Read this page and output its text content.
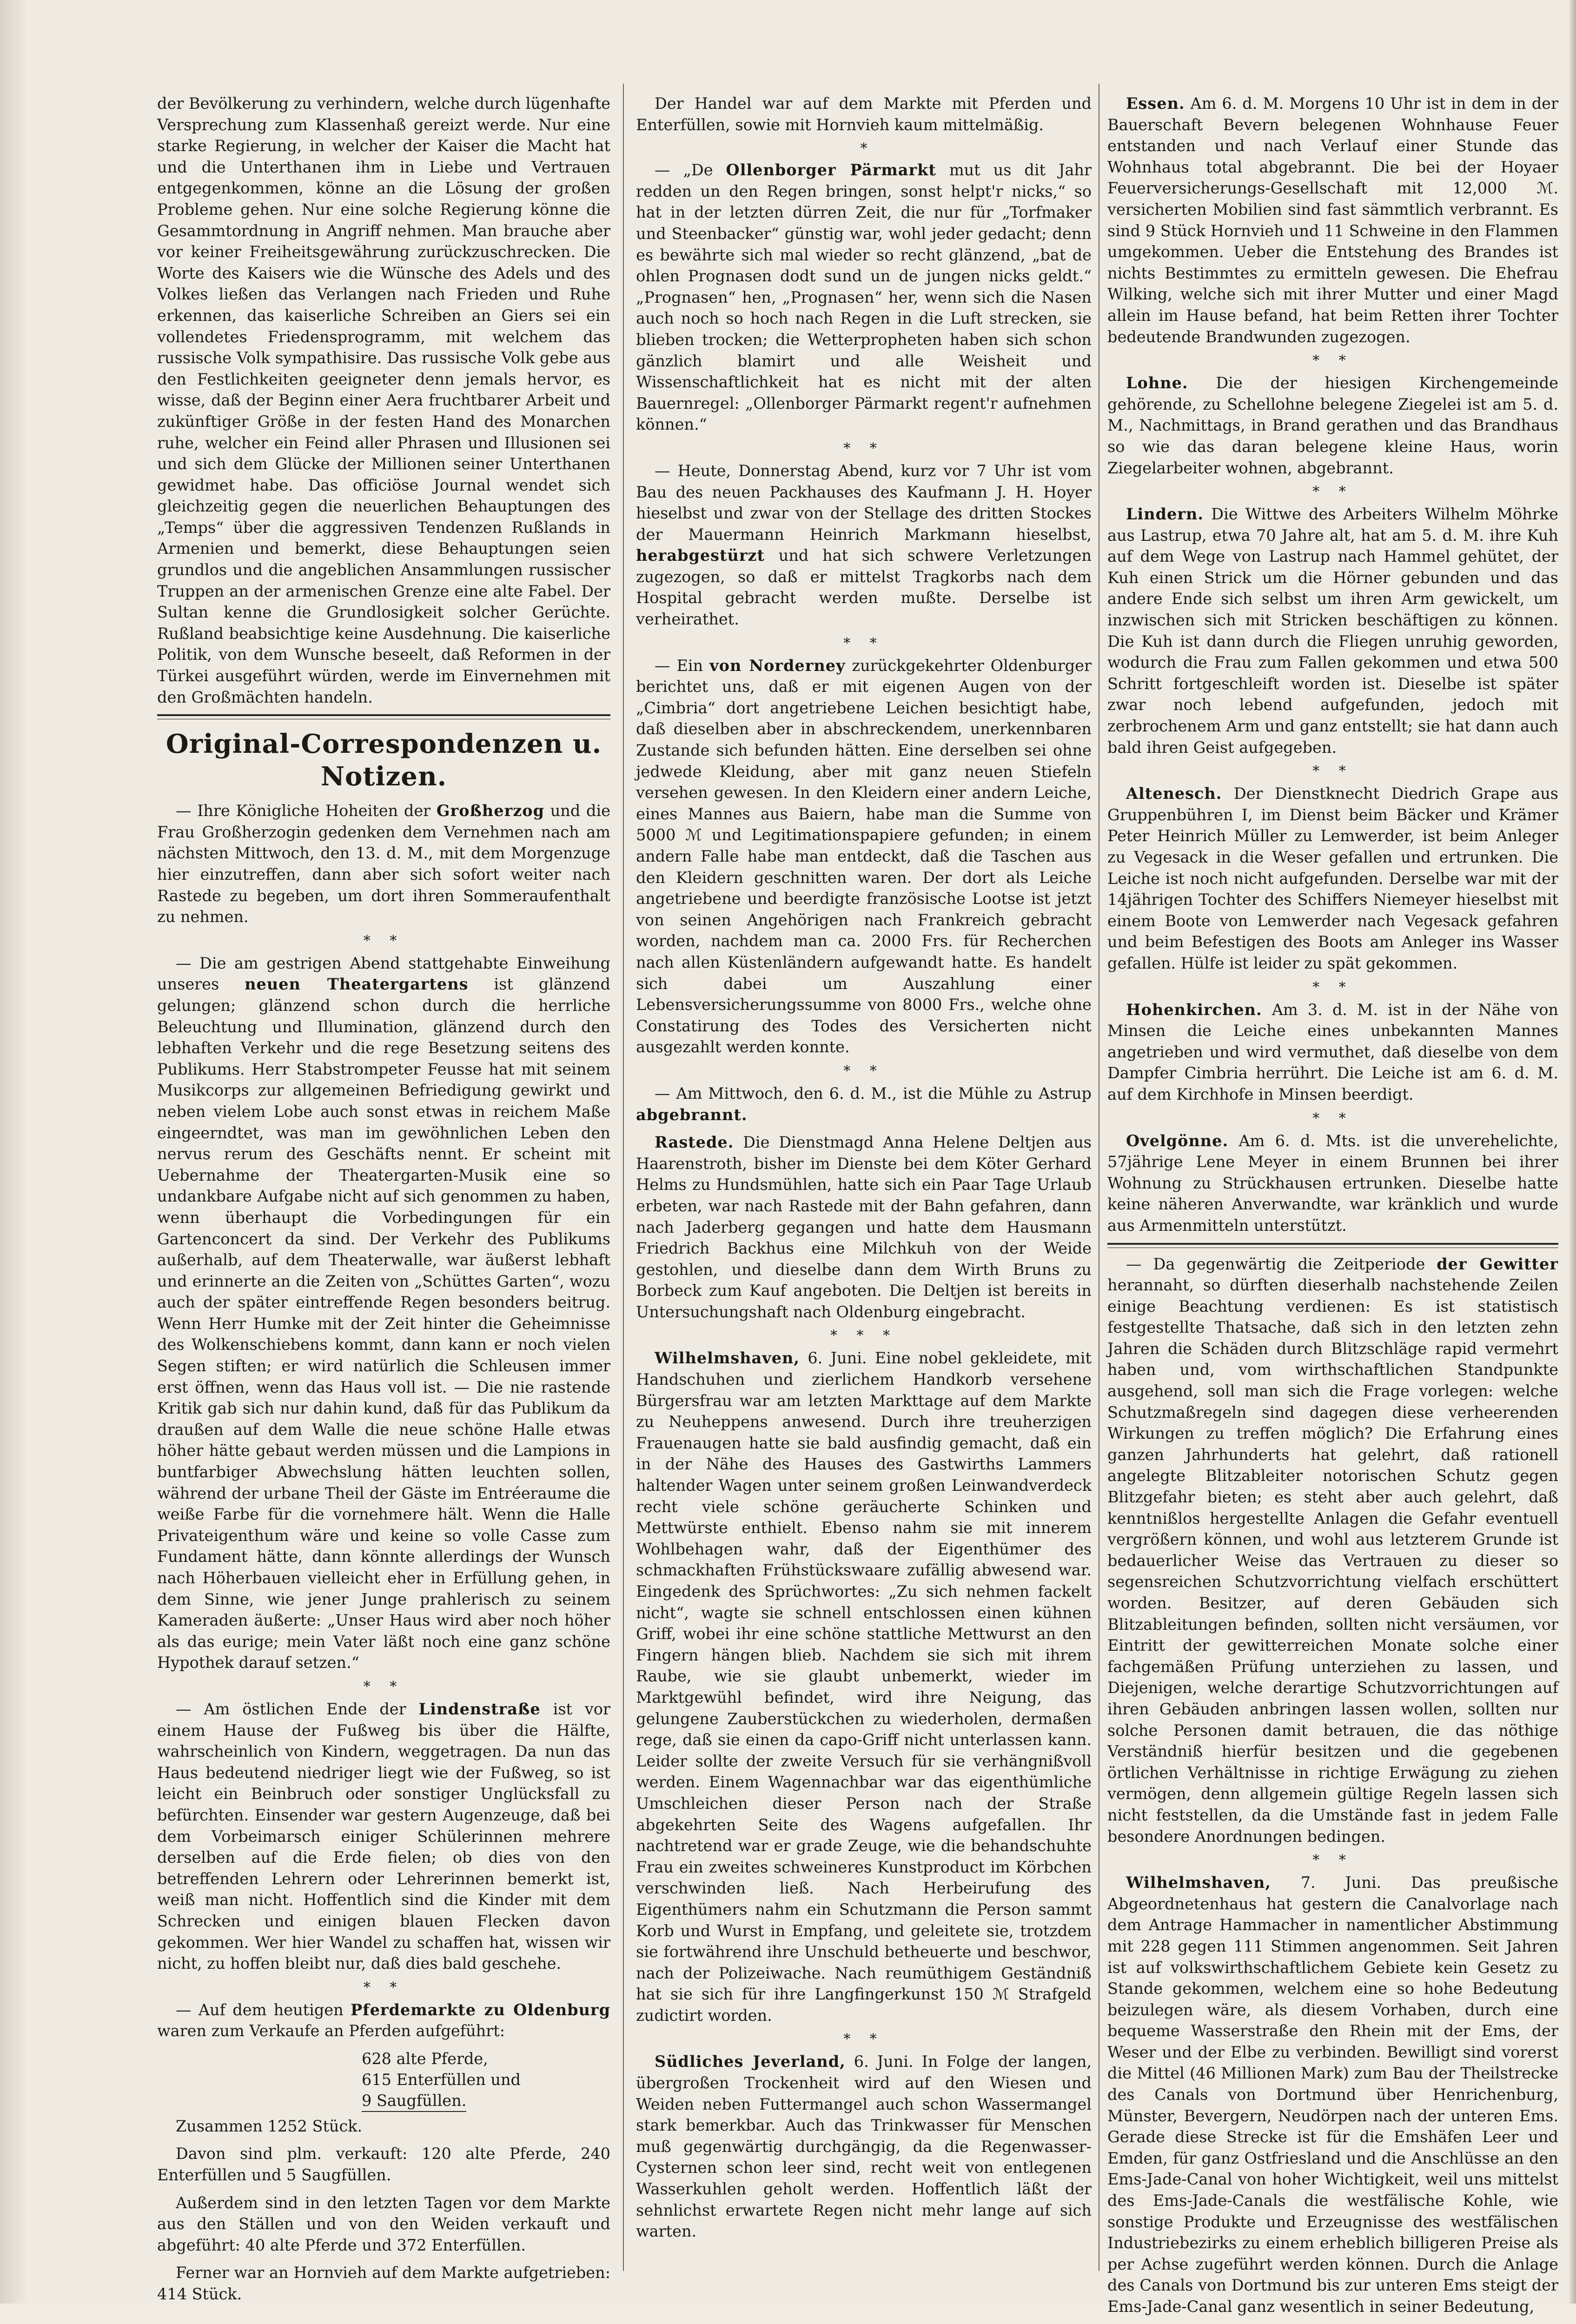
der Bevölkerung zu verhindern, welche durch lügenhafte Versprechung zum Klassenhaß gereizt werde. Nur eine starke Regierung, in welcher der Kaiser die Macht hat und die Unterthanen ihm in Liebe und Vertrauen entgegenkommen, könne an die Lösung der großen Probleme gehen. Nur eine solche Regierung könne die Gesammtordnung in Angriff nehmen. Man brauche aber vor keiner Freiheitsgewährung zurückzuschrecken. Die Worte des Kaisers wie die Wünsche des Adels und des Volkes ließen das Verlangen nach Frieden und Ruhe erkennen, das kaiserliche Schreiben an Giers sei ein vollendetes Friedensprogramm, mit welchem das russische Volk sympathisire. Das russische Volk gebe aus den Festlichkeiten geeigneter denn jemals hervor, es wisse, daß der Beginn einer Aera fruchtbarer Arbeit und zukünftiger Größe in der festen Hand des Monarchen ruhe, welcher ein Feind aller Phrasen und Illusionen sei und sich dem Glücke der Millionen seiner Unterthanen gewidmet habe. Das officiöse Journal wendet sich gleichzeitig gegen die neuerlichen Behauptungen des „Temps“ über die aggressiven Tendenzen Rußlands in Armenien und bemerkt, diese Behauptungen seien grundlos und die angeblichen Ansammlungen russischer Truppen an der armenischen Grenze eine alte Fabel. Der Sultan kenne die Grundlosigkeit solcher Gerüchte. Rußland beabsichtige keine Ausdehnung. Die kaiserliche Politik, von dem Wunsche beseelt, daß Reformen in der Türkei ausgeführt würden, werde im Einvernehmen mit den Großmächten handeln.

Original-Correspondenzen u. Notizen.

— Ihre Königliche Hoheiten der Großherzog und die Frau Großherzogin gedenken dem Vernehmen nach am nächsten Mittwoch, den 13. d. M., mit dem Morgenzuge hier einzutreffen, dann aber sich sofort weiter nach Rastede zu begeben, um dort ihren Sommeraufenthalt zu nehmen.

* *

— Die am gestrigen Abend stattgehabte Einweihung unseres neuen Theatergartens ist glänzend gelungen; glänzend schon durch die herrliche Beleuchtung und Illumination, glänzend durch den lebhaften Verkehr und die rege Besetzung seitens des Publikums. Herr Stabstrompeter Feusse hat mit seinem Musikcorps zur allgemeinen Befriedigung gewirkt und neben vielem Lobe auch sonst etwas in reichem Maße eingeerndtet, was man im gewöhnlichen Leben den nervus rerum des Geschäfts nennt. Er scheint mit Uebernahme der Theatergarten-Musik eine so undankbare Aufgabe nicht auf sich genommen zu haben, wenn überhaupt die Vorbedingungen für ein Gartenconcert da sind. Der Verkehr des Publikums außerhalb, auf dem Theaterwalle, war äußerst lebhaft und erinnerte an die Zeiten von „Schüttes Garten“, wozu auch der später eintreffende Regen besonders beitrug. Wenn Herr Humke mit der Zeit hinter die Geheimnisse des Wolkenschiebens kommt, dann kann er noch vielen Segen stiften; er wird natürlich die Schleusen immer erst öffnen, wenn das Haus voll ist. — Die nie rastende Kritik gab sich nur dahin kund, daß für das Publikum da draußen auf dem Walle die neue schöne Halle etwas höher hätte gebaut werden müssen und die Lampions in buntfarbiger Abwechslung hätten leuchten sollen, während der urbane Theil der Gäste im Entréeraume die weiße Farbe für die vornehmere hält. Wenn die Halle Privateigenthum wäre und keine so volle Casse zum Fundament hätte, dann könnte allerdings der Wunsch nach Höherbauen vielleicht eher in Erfüllung gehen, in dem Sinne, wie jener Junge prahlerisch zu seinem Kameraden äußerte: „Unser Haus wird aber noch höher als das eurige; mein Vater läßt noch eine ganz schöne Hypothek darauf setzen.“

* *

— Am östlichen Ende der Lindenstraße ist vor einem Hause der Fußweg bis über die Hälfte, wahrscheinlich von Kindern, weggetragen. Da nun das Haus bedeutend niedriger liegt wie der Fußweg, so ist leicht ein Beinbruch oder sonstiger Unglücksfall zu befürchten. Einsender war gestern Augenzeuge, daß bei dem Vorbeimarsch einiger Schülerinnen mehrere derselben auf die Erde fielen; ob dies von den betreffenden Lehrern oder Lehrerinnen bemerkt ist, weiß man nicht. Hoffentlich sind die Kinder mit dem Schrecken und einigen blauen Flecken davon gekommen. Wer hier Wandel zu schaffen hat, wissen wir nicht, zu hoffen bleibt nur, daß dies bald geschehe.

* *

— Auf dem heutigen Pferdemarkte zu Oldenburg waren zum Verkaufe an Pferden aufgeführt:

628 alte Pferde,
615 Enterfüllen und
9 Saugfüllen.

Zusammen 1252 Stück.

Davon sind plm. verkauft: 120 alte Pferde, 240 Enterfüllen und 5 Saugfüllen.

Außerdem sind in den letzten Tagen vor dem Markte aus den Ställen und von den Weiden verkauft und abgeführt: 40 alte Pferde und 372 Enterfüllen.

Ferner war an Hornvieh auf dem Markte aufgetrieben: 414 Stück.

Der Handel war auf dem Markte mit Pferden und Enterfüllen, sowie mit Hornvieh kaum mittelmäßig.

*

— „De Ollenborger Pärmarkt mut us dit Jahr redden un den Regen bringen, sonst helpt'r nicks,“ so hat in der letzten dürren Zeit, die nur für „Torfmaker und Steenbacker“ günstig war, wohl jeder gedacht; denn es bewährte sich mal wieder so recht glänzend, „bat de ohlen Prognasen dodt sund un de jungen nicks geldt.“ „Prognasen“ hen, „Prognasen“ her, wenn sich die Nasen auch noch so hoch nach Regen in die Luft strecken, sie blieben trocken; die Wetterpropheten haben sich schon gänzlich blamirt und alle Weisheit und Wissenschaftlichkeit hat es nicht mit der alten Bauernregel: „Ollenborger Pärmarkt regent'r aufnehmen können.“

* *

— Heute, Donnerstag Abend, kurz vor 7 Uhr ist vom Bau des neuen Packhauses des Kaufmann J. H. Hoyer hieselbst und zwar von der Stellage des dritten Stockes der Mauermann Heinrich Markmann hieselbst, herabgestürzt und hat sich schwere Verletzungen zugezogen, so daß er mittelst Tragkorbs nach dem Hospital gebracht werden mußte. Derselbe ist verheirathet.

* *

— Ein von Norderney zurückgekehrter Oldenburger berichtet uns, daß er mit eigenen Augen von der „Cimbria“ dort angetriebene Leichen besichtigt habe, daß dieselben aber in abschreckendem, unerkennbaren Zustande sich befunden hätten. Eine derselben sei ohne jedwede Kleidung, aber mit ganz neuen Stiefeln versehen gewesen. In den Kleidern einer andern Leiche, eines Mannes aus Baiern, habe man die Summe von 5000 ℳ und Legitimationspapiere gefunden; in einem andern Falle habe man entdeckt, daß die Taschen aus den Kleidern geschnitten waren. Der dort als Leiche angetriebene und beerdigte französische Lootse ist jetzt von seinen Angehörigen nach Frankreich gebracht worden, nachdem man ca. 2000 Frs. für Recherchen nach allen Küstenländern aufgewandt hatte. Es handelt sich dabei um Auszahlung einer Lebensversicherungssumme von 8000 Frs., welche ohne Constatirung des Todes des Versicherten nicht ausgezahlt werden konnte.

* *

— Am Mittwoch, den 6. d. M., ist die Mühle zu Astrup abgebrannt.

Rastede. Die Dienstmagd Anna Helene Deltjen aus Haarenstroth, bisher im Dienste bei dem Köter Gerhard Helms zu Hundsmühlen, hatte sich ein Paar Tage Urlaub erbeten, war nach Rastede mit der Bahn gefahren, dann nach Jaderberg gegangen und hatte dem Hausmann Friedrich Backhus eine Milchkuh von der Weide gestohlen, und dieselbe dann dem Wirth Bruns zu Borbeck zum Kauf angeboten. Die Deltjen ist bereits in Untersuchungshaft nach Oldenburg eingebracht.

* * *

Wilhelmshaven, 6. Juni. Eine nobel gekleidete, mit Handschuhen und zierlichem Handkorb versehene Bürgersfrau war am letzten Markttage auf dem Markte zu Neuheppens anwesend. Durch ihre treuherzigen Frauenaugen hatte sie bald ausfindig gemacht, daß ein in der Nähe des Hauses des Gastwirths Lammers haltender Wagen unter seinem großen Leinwandverdeck recht viele schöne geräucherte Schinken und Mettwürste enthielt. Ebenso nahm sie mit innerem Wohlbehagen wahr, daß der Eigenthümer des schmackhaften Frühstückswaare zufällig abwesend war. Eingedenk des Sprüchwortes: „Zu sich nehmen fackelt nicht“, wagte sie schnell entschlossen einen kühnen Griff, wobei ihr eine schöne stattliche Mettwurst an den Fingern hängen blieb. Nachdem sie sich mit ihrem Raube, wie sie glaubt unbemerkt, wieder im Marktgewühl befindet, wird ihre Neigung, das gelungene Zauberstückchen zu wiederholen, dermaßen rege, daß sie einen da capo-Griff nicht unterlassen kann. Leider sollte der zweite Versuch für sie verhängnißvoll werden. Einem Wagennachbar war das eigenthümliche Umschleichen dieser Person nach der Straße abgekehrten Seite des Wagens aufgefallen. Ihr nachtretend war er grade Zeuge, wie die behandschuhte Frau ein zweites schweineres Kunstproduct im Körbchen verschwinden ließ. Nach Herbeirufung des Eigenthümers nahm ein Schutzmann die Person sammt Korb und Wurst in Empfang, und geleitete sie, trotzdem sie fortwährend ihre Unschuld betheuerte und beschwor, nach der Polizeiwache. Nach reumüthigem Geständniß hat sie sich für ihre Langfingerkunst 150 ℳ Strafgeld zudictirt worden.

* *

Südliches Jeverland, 6. Juni. In Folge der langen, übergroßen Trockenheit wird auf den Wiesen und Weiden neben Futtermangel auch schon Wassermangel stark bemerkbar. Auch das Trinkwasser für Menschen muß gegenwärtig durchgängig, da die Regenwasser-Cysternen schon leer sind, recht weit von entlegenen Wasserkuhlen geholt werden. Hoffentlich läßt der sehnlichst erwartete Regen nicht mehr lange auf sich warten.

Essen. Am 6. d. M. Morgens 10 Uhr ist in dem in der Bauerschaft Bevern belegenen Wohnhause Feuer entstanden und nach Verlauf einer Stunde das Wohnhaus total abgebrannt. Die bei der Hoyaer Feuerversicherungs-Gesellschaft mit 12,000 ℳ. versicherten Mobilien sind fast sämmtlich verbrannt. Es sind 9 Stück Hornvieh und 11 Schweine in den Flammen umgekommen. Ueber die Entstehung des Brandes ist nichts Bestimmtes zu ermitteln gewesen. Die Ehefrau Wilking, welche sich mit ihrer Mutter und einer Magd allein im Hause befand, hat beim Retten ihrer Tochter bedeutende Brandwunden zugezogen.

* *

Lohne. Die der hiesigen Kirchengemeinde gehörende, zu Schellohne belegene Ziegelei ist am 5. d. M., Nachmittags, in Brand gerathen und das Brandhaus so wie das daran belegene kleine Haus, worin Ziegelarbeiter wohnen, abgebrannt.

* *

Lindern. Die Wittwe des Arbeiters Wilhelm Möhrke aus Lastrup, etwa 70 Jahre alt, hat am 5. d. M. ihre Kuh auf dem Wege von Lastrup nach Hammel gehütet, der Kuh einen Strick um die Hörner gebunden und das andere Ende sich selbst um ihren Arm gewickelt, um inzwischen sich mit Stricken beschäftigen zu können. Die Kuh ist dann durch die Fliegen unruhig geworden, wodurch die Frau zum Fallen gekommen und etwa 500 Schritt fortgeschleift worden ist. Dieselbe ist später zwar noch lebend aufgefunden, jedoch mit zerbrochenem Arm und ganz entstellt; sie hat dann auch bald ihren Geist aufgegeben.

* *

Altenesch. Der Dienstknecht Diedrich Grape aus Gruppenbühren I, im Dienst beim Bäcker und Krämer Peter Heinrich Müller zu Lemwerder, ist beim Anleger zu Vegesack in die Weser gefallen und ertrunken. Die Leiche ist noch nicht aufgefunden. Derselbe war mit der 14jährigen Tochter des Schiffers Niemeyer hieselbst mit einem Boote von Lemwerder nach Vegesack gefahren und beim Befestigen des Boots am Anleger ins Wasser gefallen. Hülfe ist leider zu spät gekommen.

* *

Hohenkirchen. Am 3. d. M. ist in der Nähe von Minsen die Leiche eines unbekannten Mannes angetrieben und wird vermuthet, daß dieselbe von dem Dampfer Cimbria herrührt. Die Leiche ist am 6. d. M. auf dem Kirchhofe in Minsen beerdigt.

* *

Ovelgönne. Am 6. d. Mts. ist die unverehelichte, 57jährige Lene Meyer in einem Brunnen bei ihrer Wohnung zu Strückhausen ertrunken. Dieselbe hatte keine näheren Anverwandte, war kränklich und wurde aus Armenmitteln unterstützt.

— Da gegenwärtig die Zeitperiode der Gewitter herannaht, so dürften dieserhalb nachstehende Zeilen einige Beachtung verdienen: Es ist statistisch festgestellte Thatsache, daß sich in den letzten zehn Jahren die Schäden durch Blitzschläge rapid vermehrt haben und, vom wirthschaftlichen Standpunkte ausgehend, soll man sich die Frage vorlegen: welche Schutzmaßregeln sind dagegen diese verheerenden Wirkungen zu treffen möglich? Die Erfahrung eines ganzen Jahrhunderts hat gelehrt, daß rationell angelegte Blitzableiter notorischen Schutz gegen Blitzgefahr bieten; es steht aber auch gelehrt, daß kenntnißlos hergestellte Anlagen die Gefahr eventuell vergrößern können, und wohl aus letzterem Grunde ist bedauerlicher Weise das Vertrauen zu dieser so segensreichen Schutzvorrichtung vielfach erschüttert worden. Besitzer, auf deren Gebäuden sich Blitzableitungen befinden, sollten nicht versäumen, vor Eintritt der gewitterreichen Monate solche einer fachgemäßen Prüfung unterziehen zu lassen, und Diejenigen, welche derartige Schutzvorrichtungen auf ihren Gebäuden anbringen lassen wollen, sollten nur solche Personen damit betrauen, die das nöthige Verständniß hierfür besitzen und die gegebenen örtlichen Verhältnisse in richtige Erwägung zu ziehen vermögen, denn allgemein gültige Regeln lassen sich nicht feststellen, da die Umstände fast in jedem Falle besondere Anordnungen bedingen.

* *

Wilhelmshaven, 7. Juni. Das preußische Abgeordnetenhaus hat gestern die Canalvorlage nach dem Antrage Hammacher in namentlicher Abstimmung mit 228 gegen 111 Stimmen angenommen. Seit Jahren ist auf volkswirthschaftlichem Gebiete kein Gesetz zu Stande gekommen, welchem eine so hohe Bedeutung beizulegen wäre, als diesem Vorhaben, durch eine bequeme Wasserstraße den Rhein mit der Ems, der Weser und der Elbe zu verbinden. Bewilligt sind vorerst die Mittel (46 Millionen Mark) zum Bau der Theilstrecke des Canals von Dortmund über Henrichenburg, Münster, Bevergern, Neudörpen nach der unteren Ems. Gerade diese Strecke ist für die Emshäfen Leer und Emden, für ganz Ostfriesland und die Anschlüsse an den Ems-Jade-Canal von hoher Wichtigkeit, weil uns mittelst des Ems-Jade-Canals die westfälische Kohle, wie sonstige Produkte und Erzeugnisse des westfälischen Industriebezirks zu einem erheblich billigeren Preise als per Achse zugeführt werden können. Durch die Anlage des Canals von Dortmund bis zur unteren Ems steigt der Ems-Jade-Canal ganz wesentlich in seiner Bedeutung,
